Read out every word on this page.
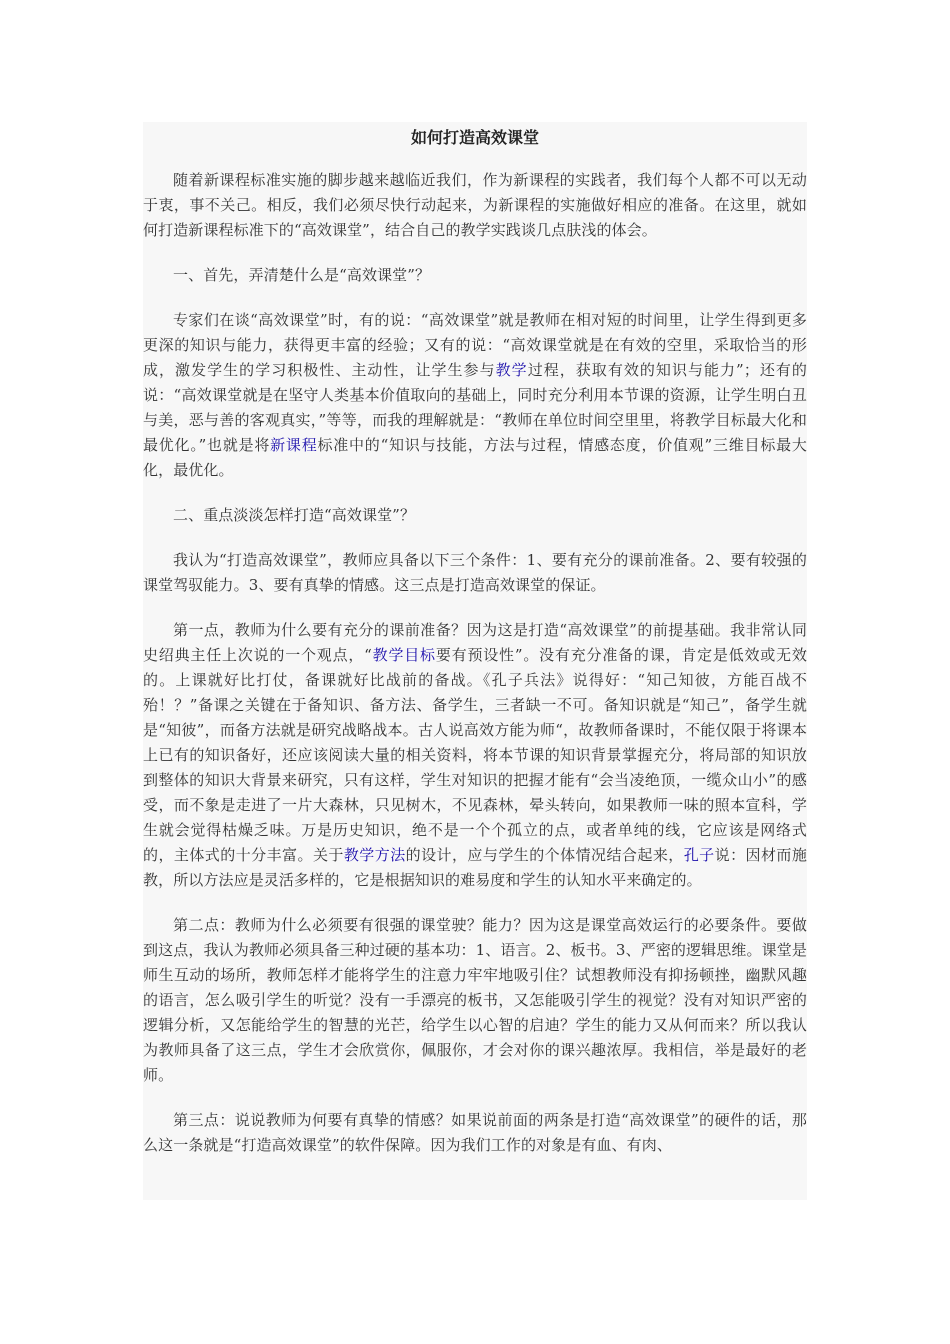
如何打造高效课堂

随着新课程标准实施的脚步越来越临近我们，作为新课程的实践者，我们每个人都不可以无动于衷，事不关己。相反，我们必须尽快行动起来，为新课程的实施做好相应的准备。在这里，就如何打造新课程标准下的“高效课堂”，结合自己的教学实践谈几点肤浅的体会。

一、首先，弄清楚什么是“高效课堂”？

专家们在谈“高效课堂”时，有的说：“高效课堂”就是教师在相对短的时间里，让学生得到更多更深的知识与能力，获得更丰富的经验；又有的说：“高效课堂就是在有效的空里，采取恰当的形成，激发学生的学习积极性、主动性，让学生参与教学过程，获取有效的知识与能力”；还有的说：“高效课堂就是在坚守人类基本价值取向的基础上，同时充分利用本节课的资源，让学生明白丑与美，恶与善的客观真实，”等等，而我的理解就是：“教师在单位时间空里里，将教学目标最大化和最优化。”也就是将新课程标准中的“知识与技能，方法与过程，情感态度，价值观”三维目标最大化，最优化。

二、重点淡淡怎样打造“高效课堂”？

我认为“打造高效课堂”，教师应具备以下三个条件：1、要有充分的课前准备。2、要有较强的课堂驾驭能力。3、要有真挚的情感。这三点是打造高效课堂的保证。

第一点，教师为什么要有充分的课前准备？因为这是打造“高效课堂”的前提基础。我非常认同史绍典主任上次说的一个观点，“教学目标要有预设性”。没有充分准备的课，肯定是低效或无效的。上课就好比打仗，备课就好比战前的备战。《孔子兵法》说得好：“知己知彼，方能百战不殆！？”备课之关键在于备知识、备方法、备学生，三者缺一不可。备知识就是“知己”，备学生就是“知彼”，而备方法就是研究战略战本。古人说高效方能为师“，故教师备课时，不能仅限于将课本上已有的知识备好，还应该阅读大量的相关资料，将本节课的知识背景掌握充分，将局部的知识放到整体的知识大背景来研究，只有这样，学生对知识的把握才能有“会当凌绝顶，一缆众山小”的感受，而不象是走进了一片大森林，只见树木，不见森林，晕头转向，如果教师一味的照本宣科，学生就会觉得枯燥乏味。万是历史知识，绝不是一个个孤立的点，或者单纯的线，它应该是网络式的，主体式的十分丰富。关于教学方法的设计，应与学生的个体情况结合起来，孔子说：因材而施教，所以方法应是灵活多样的，它是根据知识的难易度和学生的认知水平来确定的。

第二点：教师为什么必须要有很强的课堂驶？能力？因为这是课堂高效运行的必要条件。要做到这点，我认为教师必须具备三种过硬的基本功：1、语言。2、板书。3、严密的逻辑思维。课堂是师生互动的场所，教师怎样才能将学生的注意力牢牢地吸引住？试想教师没有抑扬顿挫，幽默风趣的语言，怎么吸引学生的听觉？没有一手漂亮的板书，又怎能吸引学生的视觉？没有对知识严密的逻辑分析，又怎能给学生的智慧的光芒，给学生以心智的启迪？学生的能力又从何而来？所以我认为教师具备了这三点，学生才会欣赏你，佩服你，才会对你的课兴趣浓厚。我相信，举是最好的老师。

第三点：说说教师为何要有真挚的情感？如果说前面的两条是打造“高效课堂”的硬件的话，那么这一条就是“打造高效课堂”的软件保障。因为我们工作的对象是有血、有肉、
